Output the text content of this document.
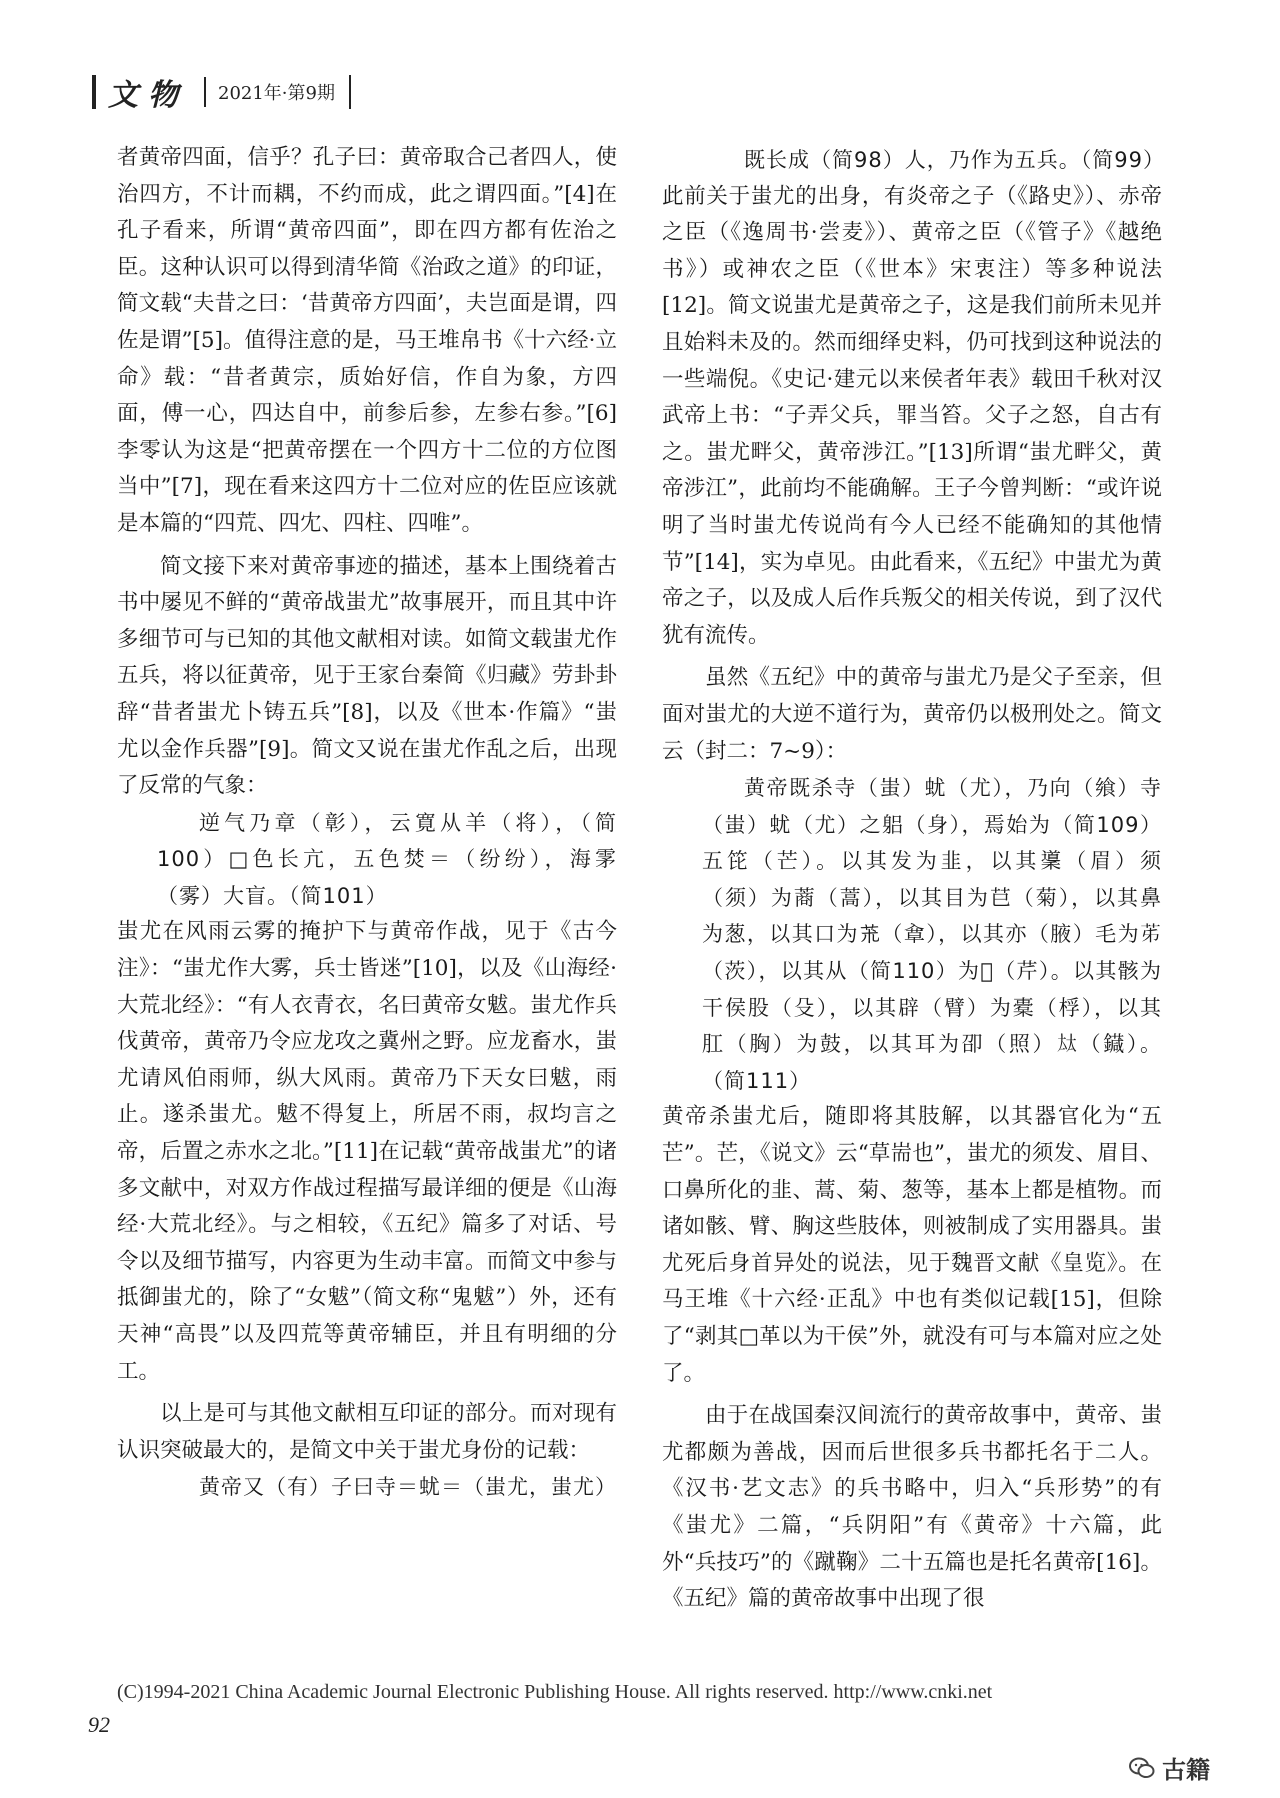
文物 2021年·第9期

者黄帝四面，信乎？孔子曰：黄帝取合己者四人，使治四方，不计而耦，不约而成，此之谓四面。”[4]在孔子看来，所谓“黄帝四面”，即在四方都有佐治之臣。这种认识可以得到清华简《治政之道》的印证，简文载“夫昔之曰：‘昔黄帝方四面’，夫岂面是谓，四佐是谓”[5]。值得注意的是，马王堆帛书《十六经·立命》载：“昔者黄宗，质始好信，作自为象，方四面，傅一心，四达自中，前参后参，左参右参。”[6]李零认为这是“把黄帝摆在一个四方十二位的方位图当中”[7]，现在看来这四方十二位对应的佐臣应该就是本篇的“四荒、四冘、四柱、四唯”。

简文接下来对黄帝事迹的描述，基本上围绕着古书中屡见不鲜的“黄帝战蚩尤”故事展开，而且其中许多细节可与已知的其他文献相对读。如简文载蚩尤作五兵，将以征黄帝，见于王家台秦简《归藏》劳卦卦辞“昔者蚩尤卜铸五兵”[8]，以及《世本·作篇》“蚩尤以金作兵器”[9]。简文又说在蚩尤作乱之后，出现了反常的气象：

逆气乃章（彰），云寛从羊（将），（简100）□色长亢，五色焚＝（纷纷），海雺（雾）大盲。（简101）

蚩尤在风雨云雾的掩护下与黄帝作战，见于《古今注》：“蚩尤作大雾，兵士皆迷”[10]，以及《山海经·大荒北经》：“有人衣青衣，名曰黄帝女魃。蚩尤作兵伐黄帝，黄帝乃令应龙攻之冀州之野。应龙畜水，蚩尤请风伯雨师，纵大风雨。黄帝乃下天女曰魃，雨止。遂杀蚩尤。魃不得复上，所居不雨，叔均言之帝，后置之赤水之北。”[11]在记载“黄帝战蚩尤”的诸多文献中，对双方作战过程描写最详细的便是《山海经·大荒北经》。与之相较，《五纪》篇多了对话、号令以及细节描写，内容更为生动丰富。而简文中参与抵御蚩尤的，除了“女魃”（简文称“鬼魃”）外，还有天神“高畏”以及四荒等黄帝辅臣，并且有明细的分工。

以上是可与其他文献相互印证的部分。而对现有认识突破最大的，是简文中关于蚩尤身份的记载：

黄帝又（有）子曰寺＝蚘＝（蚩尤，蚩尤）

既长成（简98）人，乃作为五兵。（简99）

此前关于蚩尤的出身，有炎帝之子（《路史》）、赤帝之臣（《逸周书·尝麦》）、黄帝之臣（《管子》《越绝书》）或神农之臣（《世本》宋衷注）等多种说法[12]。简文说蚩尤是黄帝之子，这是我们前所未见并且始料未及的。然而细绎史料，仍可找到这种说法的一些端倪。《史记·建元以来侯者年表》载田千秋对汉武帝上书：“子弄父兵，罪当笞。父子之怒，自古有之。蚩尤畔父，黄帝涉江。”[13]所谓“蚩尤畔父，黄帝涉江”，此前均不能确解。王子今曾判断：“或许说明了当时蚩尤传说尚有今人已经不能确知的其他情节”[14]，实为卓见。由此看来，《五纪》中蚩尤为黄帝之子，以及成人后作兵叛父的相关传说，到了汉代犹有流传。

虽然《五纪》中的黄帝与蚩尤乃是父子至亲，但面对蚩尤的大逆不道行为，黄帝仍以极刑处之。简文云（封二：7~9）：

黄帝既杀寺（蚩）蚘（尤），乃向（飨）寺（蚩）蚘（尤）之躳（身），焉始为（简109）五笓（芒）。以其发为韭，以其䆃（眉）须（须）为蔏（蒿），以其目为𦬊（菊），以其鼻为葱，以其口为𦬸（䓥），以其亦（腋）毛为𦬷（茨），以其从（简110）为𧃁（芹）。以其骸为干侯股（殳），以其辟（臂）为橐（桴），以其肛（胸）为鼓，以其耳为卲（照）𡘋（䥠）。（简111）

黄帝杀蚩尤后，随即将其肢解，以其器官化为“五芒”。芒，《说文》云“草耑也”，蚩尤的须发、眉目、口鼻所化的韭、蒿、菊、葱等，基本上都是植物。而诸如骸、臂、胸这些肢体，则被制成了实用器具。蚩尤死后身首异处的说法，见于魏晋文献《皇览》。在马王堆《十六经·正乱》中也有类似记载[15]，但除了“剥其□革以为干侯”外，就没有可与本篇对应之处了。

由于在战国秦汉间流行的黄帝故事中，黄帝、蚩尤都颇为善战，因而后世很多兵书都托名于二人。《汉书·艺文志》的兵书略中，归入“兵形势”的有《蚩尤》二篇，“兵阴阳”有《黄帝》十六篇，此外“兵技巧”的《蹴鞠》二十五篇也是托名黄帝[16]。《五纪》篇的黄帝故事中出现了很

(C)1994-2021 China Academic Journal Electronic Publishing House. All rights reserved. http://www.cnki.net
92
古籍
